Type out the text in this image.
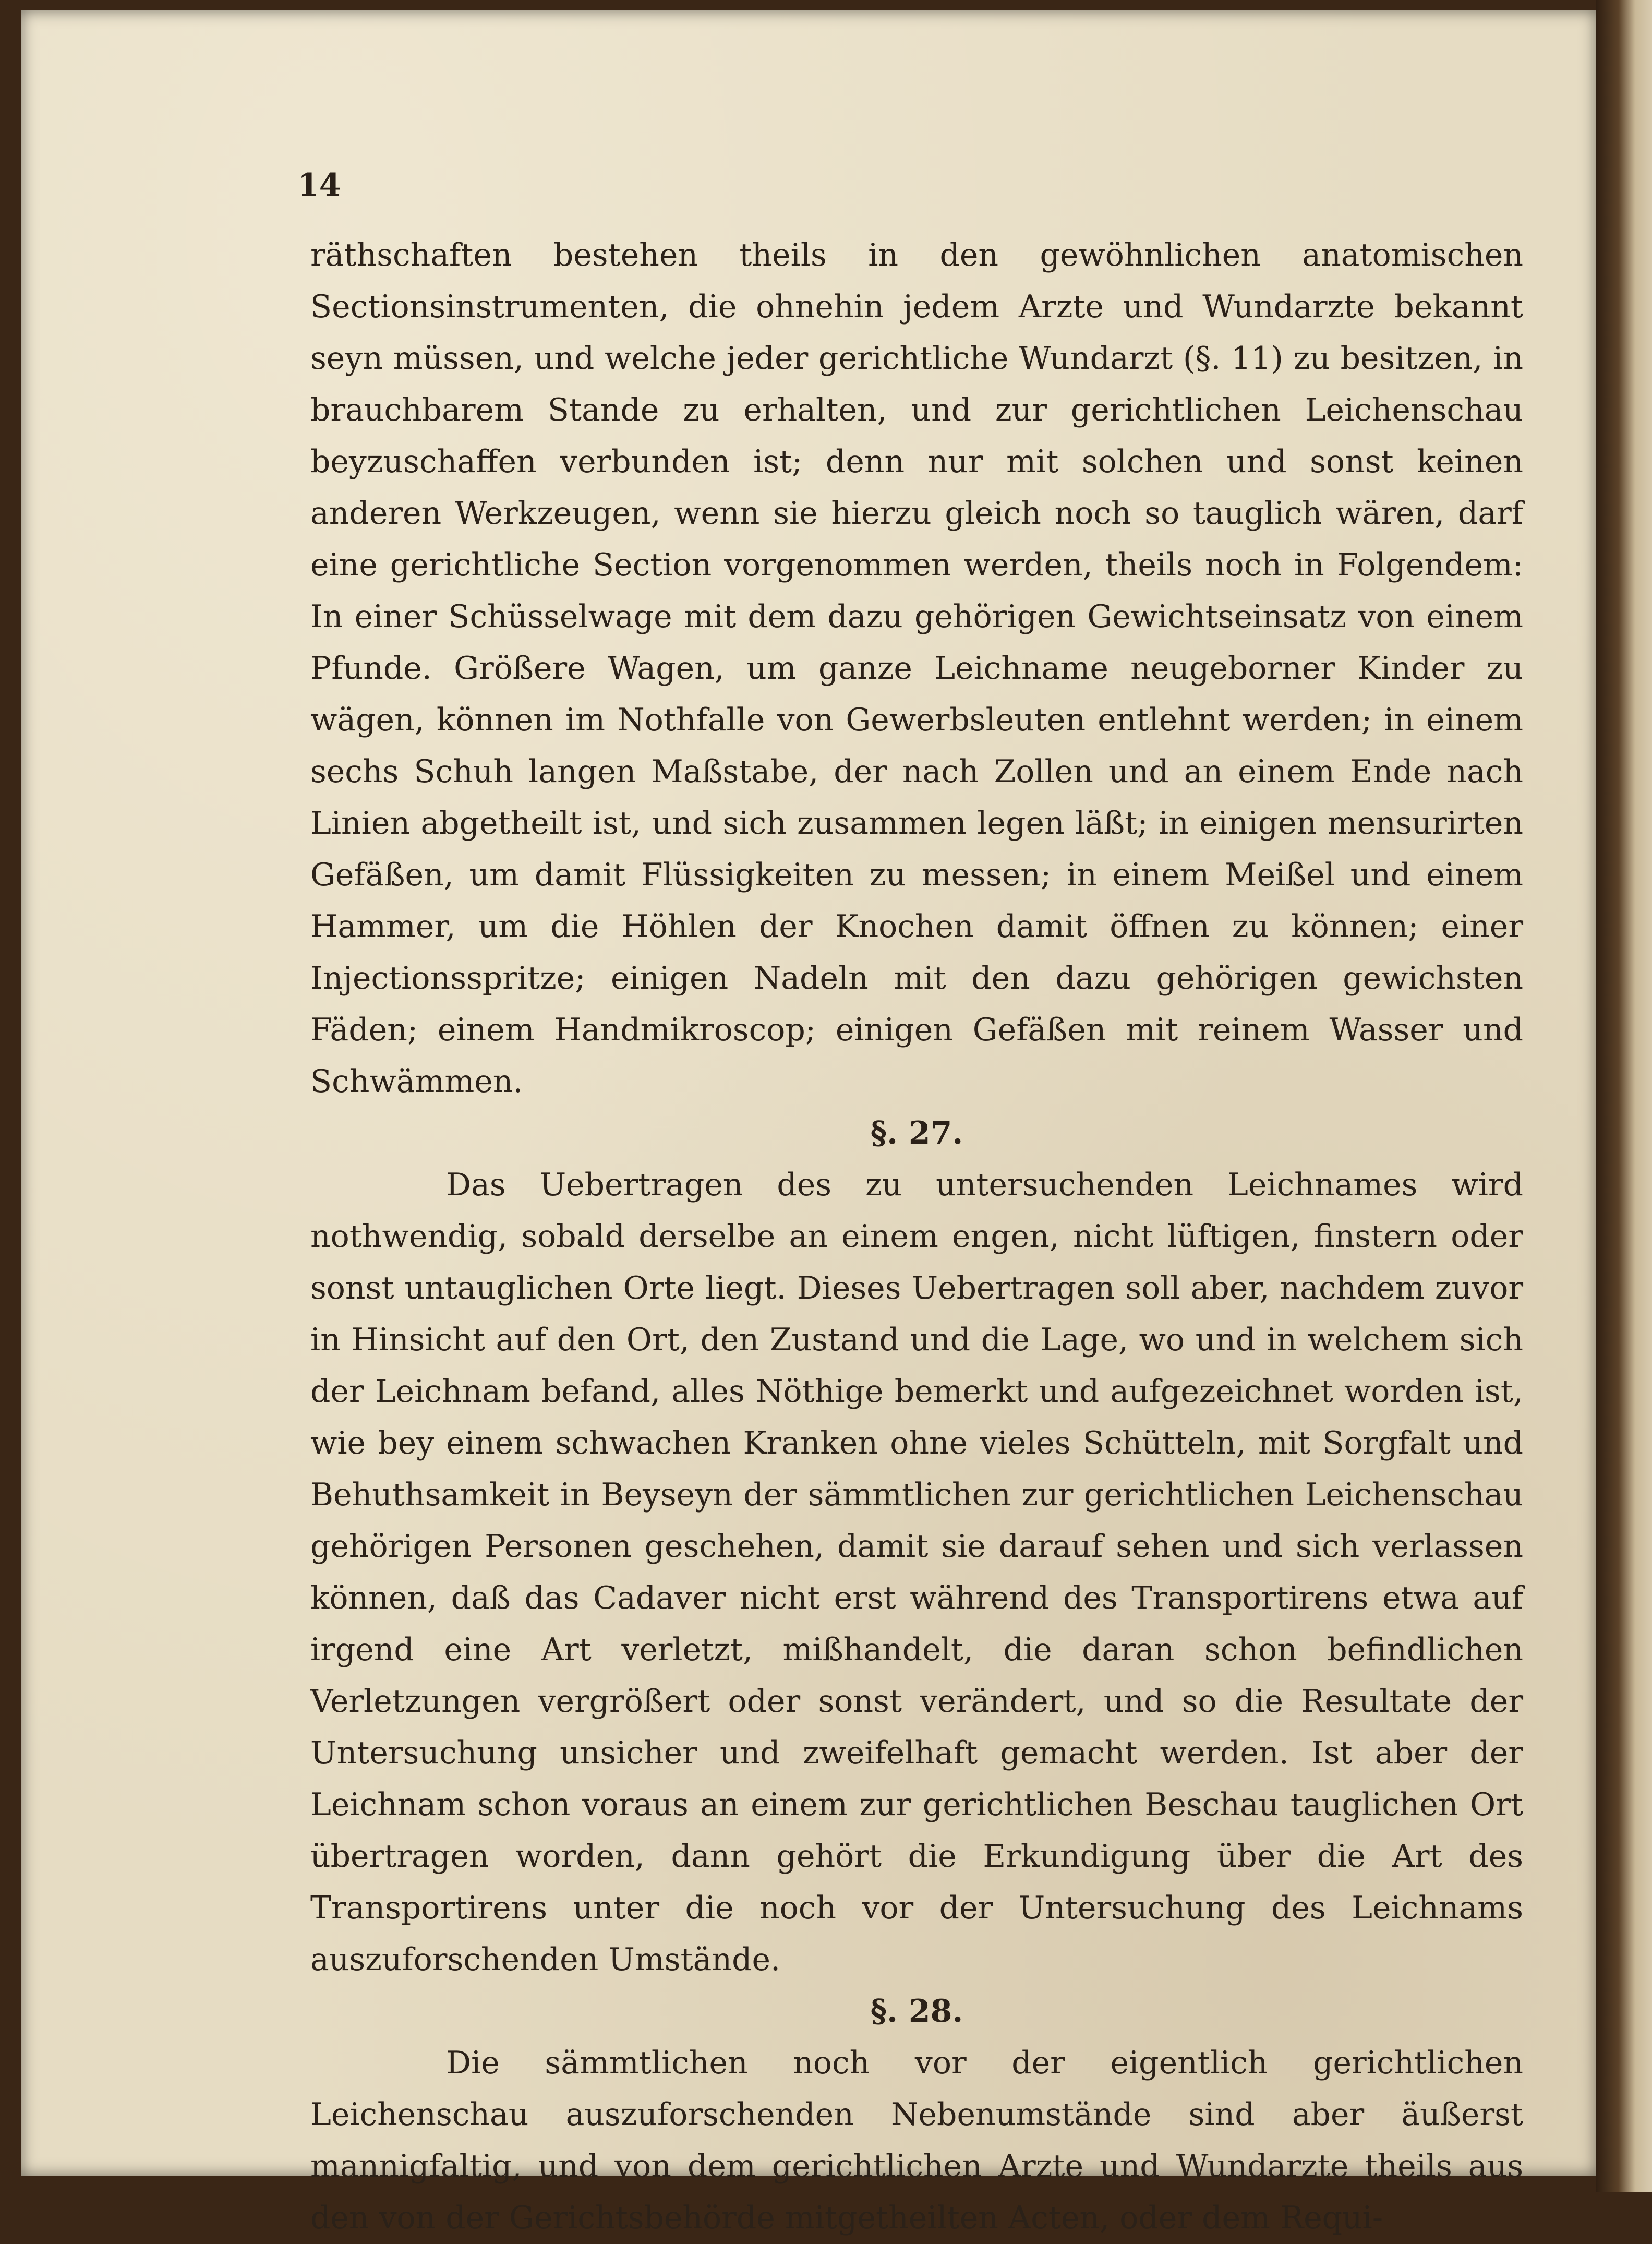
14

räthschaften bestehen theils in den gewöhnlichen anatomischen Sectionsinstrumenten, die ohnehin jedem Arzte und Wundarzte bekannt seyn müssen, und welche jeder gerichtliche Wundarzt (§. 11) zu besitzen, in brauchbarem Stande zu erhalten, und zur gerichtlichen Leichenschau beyzuschaffen verbunden ist; denn nur mit solchen und sonst keinen anderen Werkzeugen, wenn sie hierzu gleich noch so tauglich wären, darf eine gerichtliche Section vorgenommen werden, theils noch in Folgendem: In einer Schüsselwage mit dem dazu gehörigen Gewichtseinsatz von einem Pfunde. Größere Wagen, um ganze Leichname neugeborner Kinder zu wägen, können im Nothfalle von Gewerbsleuten entlehnt werden; in einem sechs Schuh langen Maßstabe, der nach Zollen und an einem Ende nach Linien abgetheilt ist, und sich zusammen legen läßt; in einigen mensurirten Gefäßen, um damit Flüssigkeiten zu messen; in einem Meißel und einem Hammer, um die Höhlen der Knochen damit öffnen zu können; einer Injectionsspritze; einigen Nadeln mit den dazu gehörigen gewichsten Fäden; einem Handmikroscop; einigen Gefäßen mit reinem Wasser und Schwämmen.

§. 27.

Das Uebertragen des zu untersuchenden Leichnames wird nothwendig, sobald derselbe an einem engen, nicht lüftigen, finstern oder sonst untauglichen Orte liegt. Dieses Uebertragen soll aber, nachdem zuvor in Hinsicht auf den Ort, den Zustand und die Lage, wo und in welchem sich der Leichnam befand, alles Nöthige bemerkt und aufgezeichnet worden ist, wie bey einem schwachen Kranken ohne vieles Schütteln, mit Sorgfalt und Behuthsamkeit in Beyseyn der sämmtlichen zur gerichtlichen Leichenschau gehörigen Personen geschehen, damit sie darauf sehen und sich verlassen können, daß das Cadaver nicht erst während des Transportirens etwa auf irgend eine Art verletzt, mißhandelt, die daran schon befindlichen Verletzungen vergrößert oder sonst verändert, und so die Resultate der Untersuchung unsicher und zweifelhaft gemacht werden. Ist aber der Leichnam schon voraus an einem zur gerichtlichen Beschau tauglichen Ort übertragen worden, dann gehört die Erkundigung über die Art des Transportirens unter die noch vor der Untersuchung des Leichnams auszuforschenden Umstände.

§. 28.

Die sämmtlichen noch vor der eigentlich gerichtlichen Leichenschau auszuforschenden Nebenumstände sind aber äußerst mannigfaltig, und von dem gerichtlichen Arzte und Wundarzte theils aus den von der Gerichtsbehörde mitgetheilten Acten, oder dem Requi-
